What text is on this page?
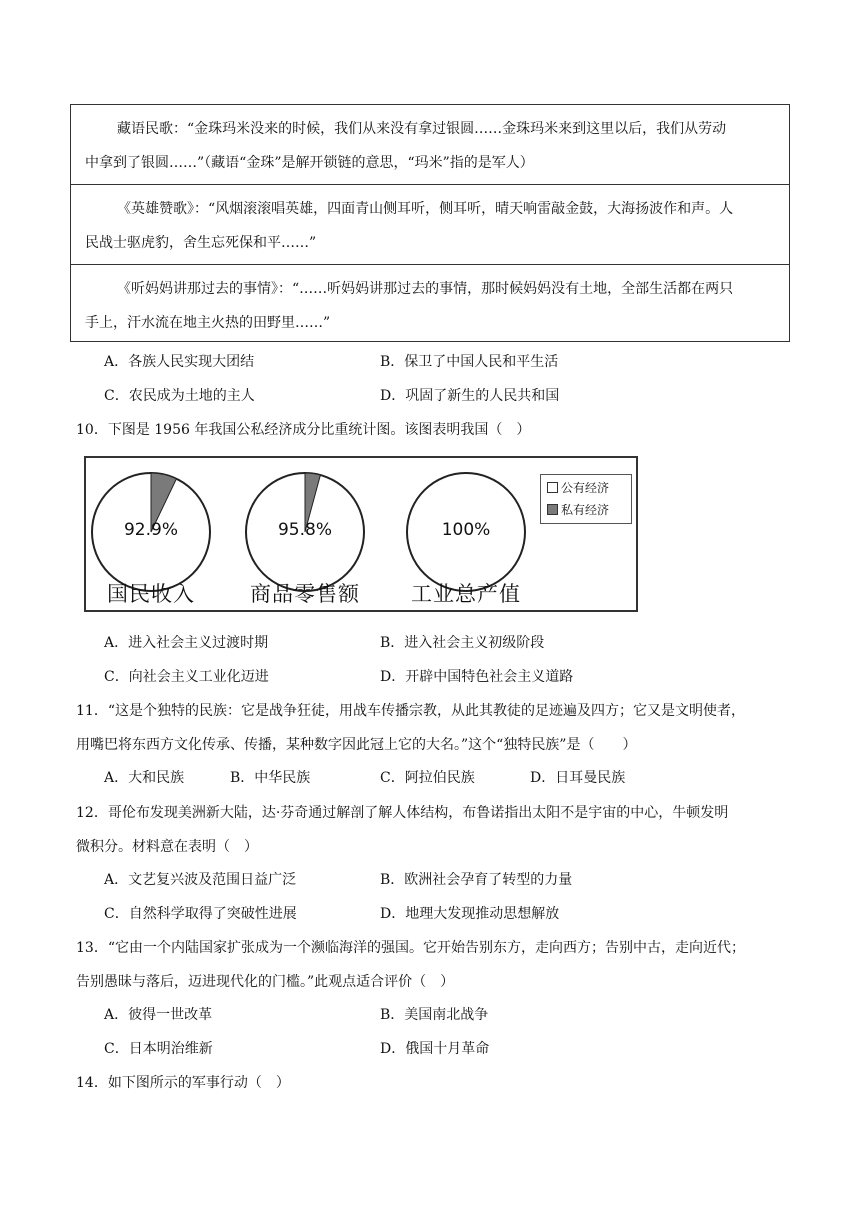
藏语民歌：“金珠玛米没来的时候，我们从来没有拿过银圆……金珠玛米来到这里以后，我们从劳动
中拿到了银圆……”（藏语“金珠”是解开锁链的意思，“玛米”指的是军人）
《英雄赞歌》：“风烟滚滚唱英雄，四面青山侧耳听，侧耳听，晴天响雷敲金鼓，大海扬波作和声。人
民战士驱虎豹，舍生忘死保和平……”
《听妈妈讲那过去的事情》：“……听妈妈讲那过去的事情，那时候妈妈没有土地，全部生活都在两只
手上，汗水流在地主火热的田野里……”
A．各族人民实现大团结	B．保卫了中国人民和平生活
C．农民成为土地的主人	D．巩固了新生的人民共和国
10．下图是 1956 年我国公私经济成分比重统计图。该图表明我国（　）
92.9%
国民收入
95.8%
商品零售额
100%
工业总产值
公有经济
私有经济
A．进入社会主义过渡时期	B．进入社会主义初级阶段
C．向社会主义工业化迈进	D．开辟中国特色社会主义道路
11．“这是个独特的民族：它是战争狂徒，用战车传播宗教，从此其教徒的足迹遍及四方；它又是文明使者，
用嘴巴将东西方文化传承、传播，某种数字因此冠上它的大名。”这个“独特民族”是（　　）
A．大和民族	B．中华民族	C．阿拉伯民族	D．日耳曼民族
12．哥伦布发现美洲新大陆，达·芬奇通过解剖了解人体结构，布鲁诺指出太阳不是宇宙的中心，牛顿发明
微积分。材料意在表明（　）
A．文艺复兴波及范围日益广泛	B．欧洲社会孕育了转型的力量
C．自然科学取得了突破性进展	D．地理大发现推动思想解放
13．“它由一个内陆国家扩张成为一个濒临海洋的强国。它开始告别东方，走向西方；告别中古，走向近代；
告别愚昧与落后，迈进现代化的门槛。”此观点适合评价（　）
A．彼得一世改革	B．美国南北战争
C．日本明治维新	D．俄国十月革命
14．如下图所示的军事行动（　）
